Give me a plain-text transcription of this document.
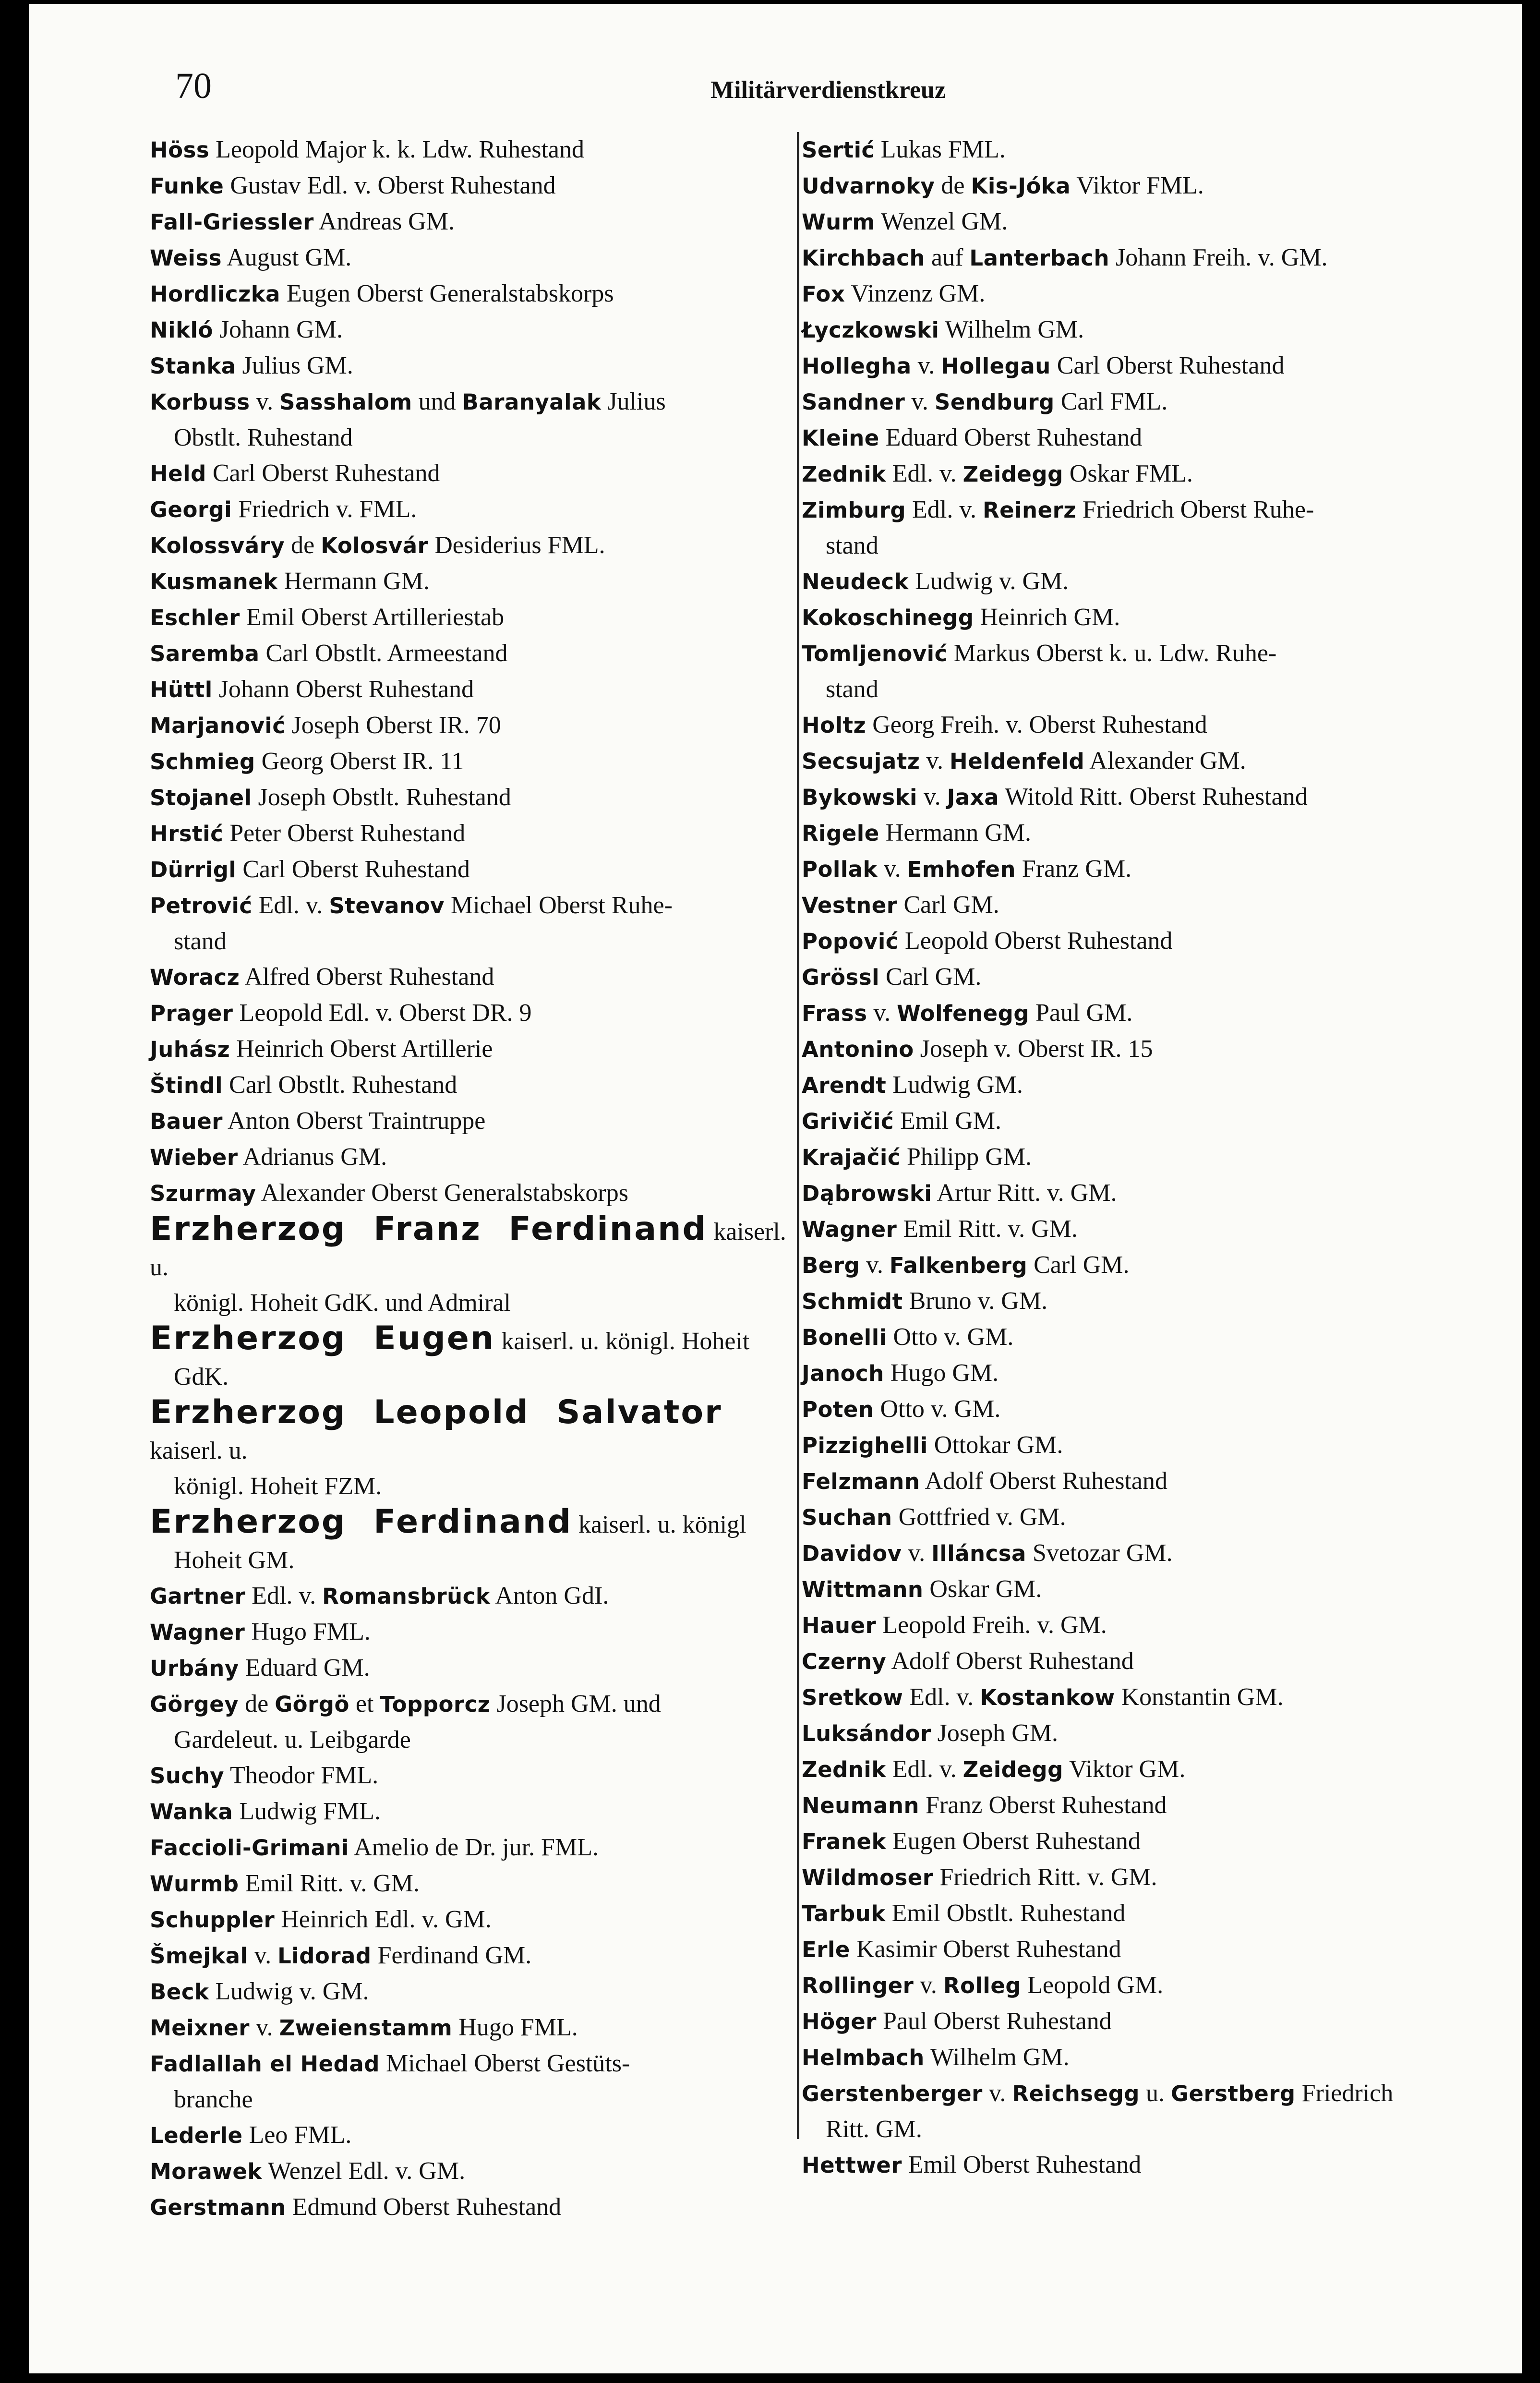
70	Militärverdienstkreuz

Höss Leopold Major k. k. Ldw. Ruhestand

Funke Gustav Edl. v. Oberst Ruhestand

Fall-Griessler Andreas GM.

Weiss August GM.

Hordliczka Eugen Oberst Generalstabskorps

Nikló Johann GM.

Stanka Julius GM.

Korbuss v. Sasshalom und Baranyalak Julius
Obstlt. Ruhestand

Held Carl Oberst Ruhestand

Georgi Friedrich v. FML.

Kolossváry de Kolosvár Desiderius FML.

Kusmanek Hermann GM.

Eschler Emil Oberst Artilleriestab

Saremba Carl Obstlt. Armeestand

Hüttl Johann Oberst Ruhestand

Marjanović Joseph Oberst IR. 70

Schmieg Georg Oberst IR. 11

Stojanel Joseph Obstlt. Ruhestand

Hrstić Peter Oberst Ruhestand

Dürrigl Carl Oberst Ruhestand

Petrović Edl. v. Stevanov Michael Oberst Ruhe-
stand

Woracz Alfred Oberst Ruhestand

Prager Leopold Edl. v. Oberst DR. 9

Juhász Heinrich Oberst Artillerie

Štindl Carl Obstlt. Ruhestand

Bauer Anton Oberst Traintruppe

Wieber Adrianus GM.

Szurmay Alexander Oberst Generalstabskorps

Erzherzog Franz Ferdinand kaiserl. u.
königl. Hoheit GdK. und Admiral

Erzherzog Eugen kaiserl. u. königl. Hoheit
GdK.

Erzherzog Leopold Salvator kaiserl. u.
königl. Hoheit FZM.

Erzherzog Ferdinand kaiserl. u. königl
Hoheit GM.

Gartner Edl. v. Romansbrück Anton GdI.

Wagner Hugo FML.

Urbány Eduard GM.

Görgey de Görgö et Topporcz Joseph GM. und
Gardeleut. u. Leibgarde

Suchy Theodor FML.

Wanka Ludwig FML.

Faccioli-Grimani Amelio de Dr. jur. FML.

Wurmb Emil Ritt. v. GM.

Schuppler Heinrich Edl. v. GM.

Šmejkal v. Lidorad Ferdinand GM.

Beck Ludwig v. GM.

Meixner v. Zweienstamm Hugo FML.

Fadlallah el Hedad Michael Oberst Gestüts-
branche

Lederle Leo FML.

Morawek Wenzel Edl. v. GM.

Gerstmann Edmund Oberst Ruhestand

Sertić Lukas FML.

Udvarnoky de Kis-Jóka Viktor FML.

Wurm Wenzel GM.

Kirchbach auf Lanterbach Johann Freih. v. GM.

Fox Vinzenz GM.

Łyczkowski Wilhelm GM.

Hollegha v. Hollegau Carl Oberst Ruhestand

Sandner v. Sendburg Carl FML.

Kleine Eduard Oberst Ruhestand

Zednik Edl. v. Zeidegg Oskar FML.

Zimburg Edl. v. Reinerz Friedrich Oberst Ruhe-
stand

Neudeck Ludwig v. GM.

Kokoschinegg Heinrich GM.

Tomljenović Markus Oberst k. u. Ldw. Ruhe-
stand

Holtz Georg Freih. v. Oberst Ruhestand

Secsujatz v. Heldenfeld Alexander GM.

Bykowski v. Jaxa Witold Ritt. Oberst Ruhestand

Rigele Hermann GM.

Pollak v. Emhofen Franz GM.

Vestner Carl GM.

Popović Leopold Oberst Ruhestand

Grössl Carl GM.

Frass v. Wolfenegg Paul GM.

Antonino Joseph v. Oberst IR. 15

Arendt Ludwig GM.

Grivičić Emil GM.

Krajačić Philipp GM.

Dąbrowski Artur Ritt. v. GM.

Wagner Emil Ritt. v. GM.

Berg v. Falkenberg Carl GM.

Schmidt Bruno v. GM.

Bonelli Otto v. GM.

Janoch Hugo GM.

Poten Otto v. GM.

Pizzighelli Ottokar GM.

Felzmann Adolf Oberst Ruhestand

Suchan Gottfried v. GM.

Davidov v. Illáncsa Svetozar GM.

Wittmann Oskar GM.

Hauer Leopold Freih. v. GM.

Czerny Adolf Oberst Ruhestand

Sretkow Edl. v. Kostankow Konstantin GM.

Luksándor Joseph GM.

Zednik Edl. v. Zeidegg Viktor GM.

Neumann Franz Oberst Ruhestand

Franek Eugen Oberst Ruhestand

Wildmoser Friedrich Ritt. v. GM.

Tarbuk Emil Obstlt. Ruhestand

Erle Kasimir Oberst Ruhestand

Rollinger v. Rolleg Leopold GM.

Höger Paul Oberst Ruhestand

Helmbach Wilhelm GM.

Gerstenberger v. Reichsegg u. Gerstberg Friedrich
Ritt. GM.

Hettwer Emil Oberst Ruhestand
